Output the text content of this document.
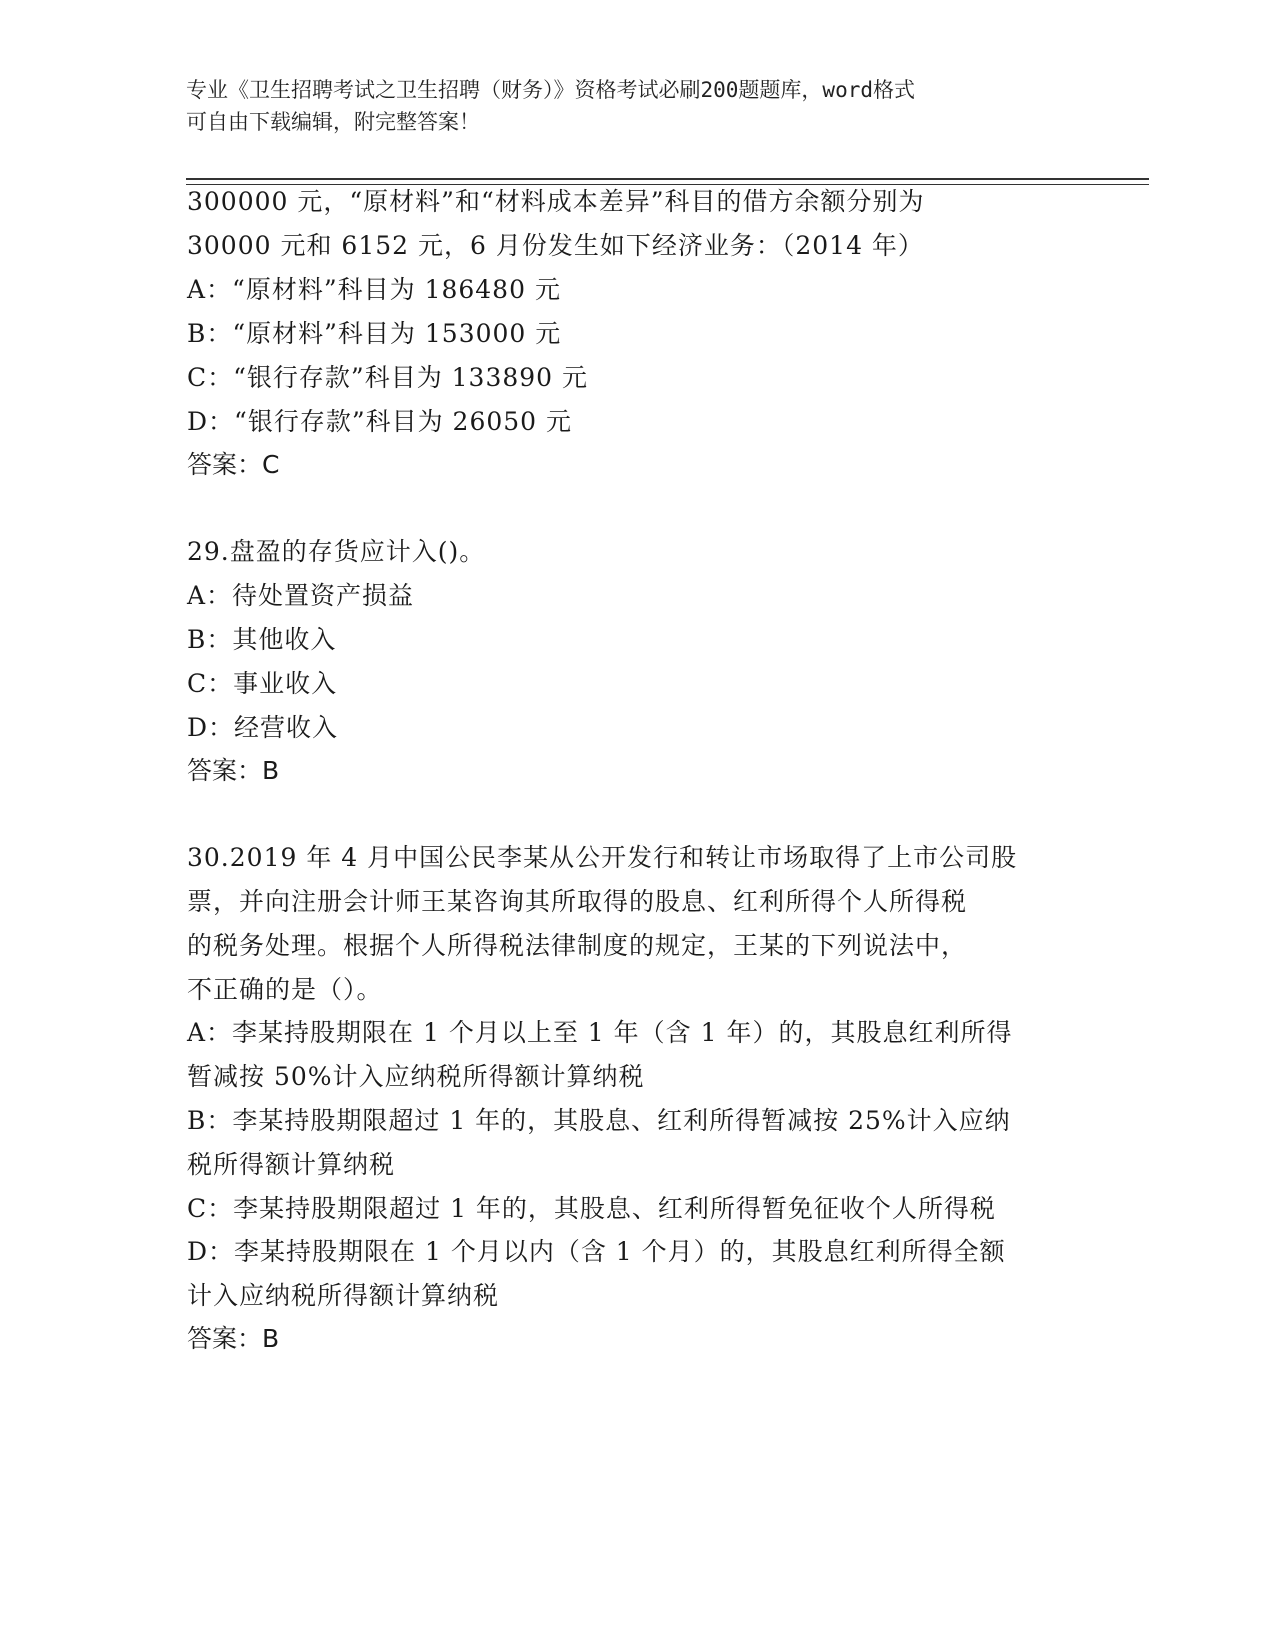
专业《卫生招聘考试之卫生招聘（财务）》资格考试必刷200题题库，word格式
可自由下载编辑，附完整答案！
300000 元，“原材料”和“材料成本差异”科目的借方余额分别为
30000 元和 6152 元，6 月份发生如下经济业务：（2014 年）
A：“原材料”科目为 186480 元
B：“原材料”科目为 153000 元
C：“银行存款”科目为 133890 元
D：“银行存款”科目为 26050 元
答案：C
29.盘盈的存货应计入()。
A：待处置资产损益
B：其他收入
C：事业收入
D：经营收入
答案：B
30.2019 年 4 月中国公民李某从公开发行和转让市场取得了上市公司股
票，并向注册会计师王某咨询其所取得的股息、红利所得个人所得税
的税务处理。根据个人所得税法律制度的规定，王某的下列说法中，
不正确的是（）。
A：李某持股期限在 1 个月以上至 1 年（含 1 年）的，其股息红利所得
暂减按 50%计入应纳税所得额计算纳税
B：李某持股期限超过 1 年的，其股息、红利所得暂减按 25%计入应纳
税所得额计算纳税
C：李某持股期限超过 1 年的，其股息、红利所得暂免征收个人所得税
D：李某持股期限在 1 个月以内（含 1 个月）的，其股息红利所得全额
计入应纳税所得额计算纳税
答案：B
